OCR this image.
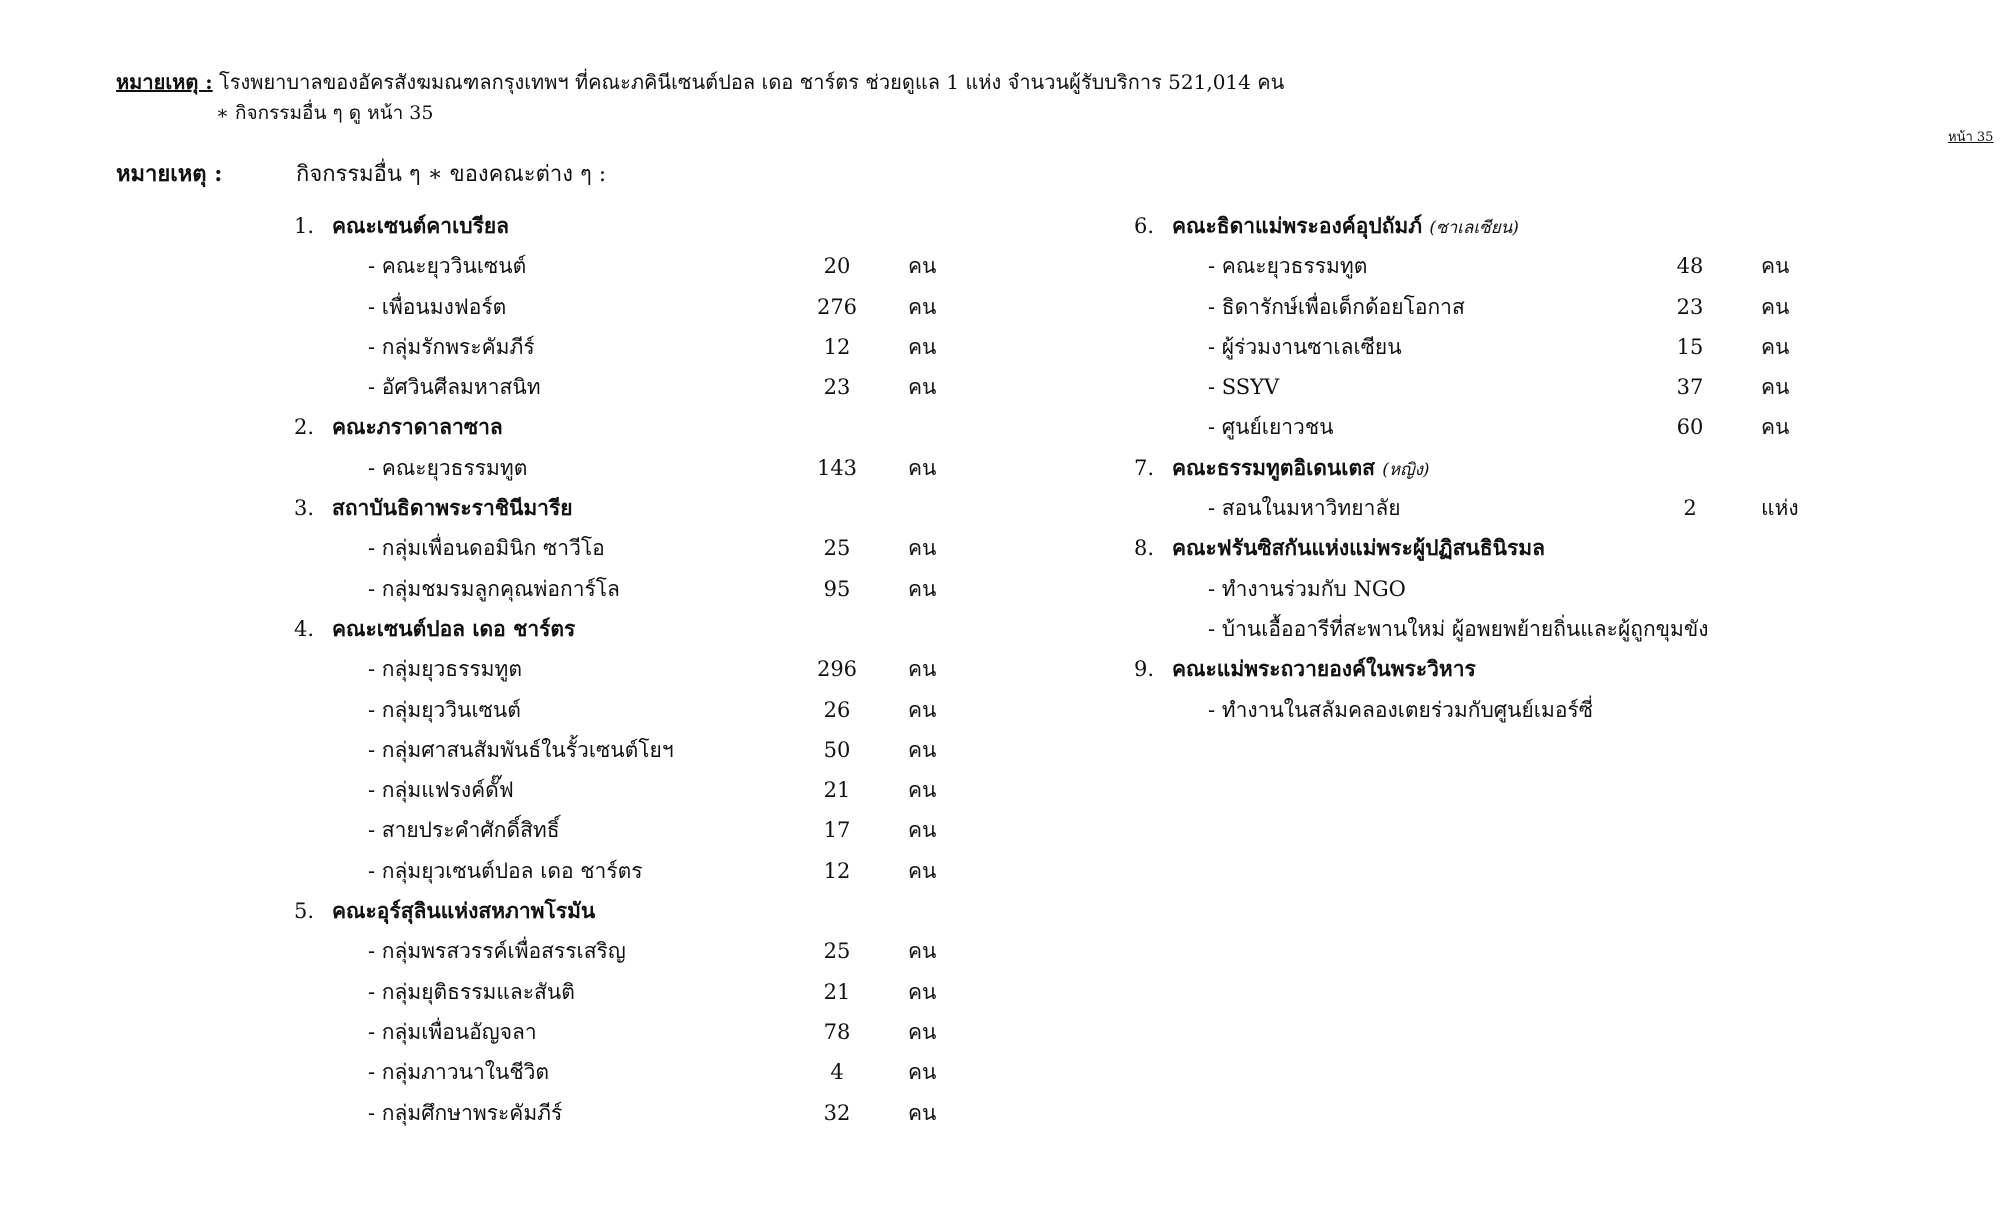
หมายเหตุ : โรงพยาบาลของอัครสังฆมณฑลกรุงเทพฯ ที่คณะภคินีเซนต์ปอล เดอ ชาร์ตร ช่วยดูแล 1 แห่ง จำนวนผู้รับบริการ 521,014 คน
∗ กิจกรรมอื่น ๆ ดู หน้า 35
หน้า 35
หมายเหตุ :	กิจกรรมอื่น ๆ ∗ ของคณะต่าง ๆ :
1. คณะเซนต์คาเบรียล
- คณะยุววินเซนต์	20	คน
- เพื่อนมงฟอร์ต	276	คน
- กลุ่มรักพระคัมภีร์	12	คน
- อัศวินศีลมหาสนิท	23	คน
2. คณะภราดาลาซาล
- คณะยุวธรรมทูต	143	คน
3. สถาบันธิดาพระราชินีมารีย
- กลุ่มเพื่อนดอมินิก ซาวีโอ	25	คน
- กลุ่มชมรมลูกคุณพ่อการ์โล	95	คน
4. คณะเซนต์ปอล เดอ ชาร์ตร
- กลุ่มยุวธรรมทูต	296	คน
- กลุ่มยุววินเซนต์	26	คน
- กลุ่มศาสนสัมพันธ์ในรั้วเซนต์โยฯ	50	คน
- กลุ่มแฟรงค์ดั๊ฟ	21	คน
- สายประคำศักดิ์สิทธิ์	17	คน
- กลุ่มยุวเซนต์ปอล เดอ ชาร์ตร	12	คน
5. คณะอุร์สุลินแห่งสหภาพโรมัน
- กลุ่มพรสวรรค์เพื่อสรรเสริญ	25	คน
- กลุ่มยุติธรรมและสันติ	21	คน
- กลุ่มเพื่อนอัญจลา	78	คน
- กลุ่มภาวนาในชีวิต	4	คน
- กลุ่มศึกษาพระคัมภีร์	32	คน
6. คณะธิดาแม่พระองค์อุปถัมภ์ (ซาเลเซียน)
- คณะยุวธรรมทูต	48	คน
- ธิดารักษ์เพื่อเด็กด้อยโอกาส	23	คน
- ผู้ร่วมงานซาเลเซียน	15	คน
- SSYV	37	คน
- ศูนย์เยาวชน	60	คน
7. คณะธรรมทูตอิเดนเตส (หญิง)
- สอนในมหาวิทยาลัย	2	แห่ง
8. คณะฟรันซิสกันแห่งแม่พระผู้ปฏิสนธินิรมล
- ทำงานร่วมกับ NGO
- บ้านเอื้ออารีที่สะพานใหม่ ผู้อพยพย้ายถิ่นและผู้ถูกขุมขัง
9. คณะแม่พระถวายองค์ในพระวิหาร
- ทำงานในสลัมคลองเตยร่วมกับศูนย์เมอร์ซี่
